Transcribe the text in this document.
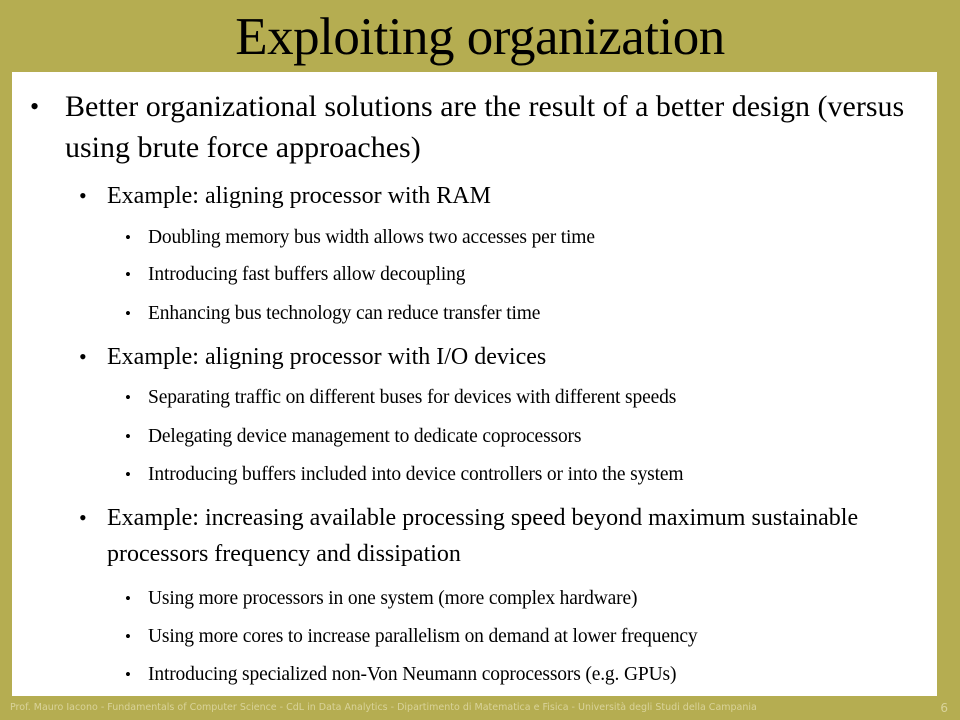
Exploiting organization
• Better organizational solutions are the result of a better design (versus using brute force approaches)
• Example: aligning processor with RAM
• Doubling memory bus width allows two accesses per time
• Introducing fast buffers allow decoupling
• Enhancing bus technology can reduce transfer time
• Example: aligning processor with I/O devices
• Separating traffic on different buses for devices with different speeds
• Delegating device management to dedicate coprocessors
• Introducing buffers included into device controllers or into the system
• Example: increasing available processing speed beyond maximum sustainable processors frequency and dissipation
• Using more processors in one system (more complex hardware)
• Using more cores to increase parallelism on demand at lower frequency
• Introducing specialized non-Von Neumann coprocessors (e.g. GPUs)
Prof. Mauro Iacono - Fundamentals of Computer Science - CdL in Data Analytics - Dipartimento di Matematica e Fisica - Università degli Studi della Campania	6
